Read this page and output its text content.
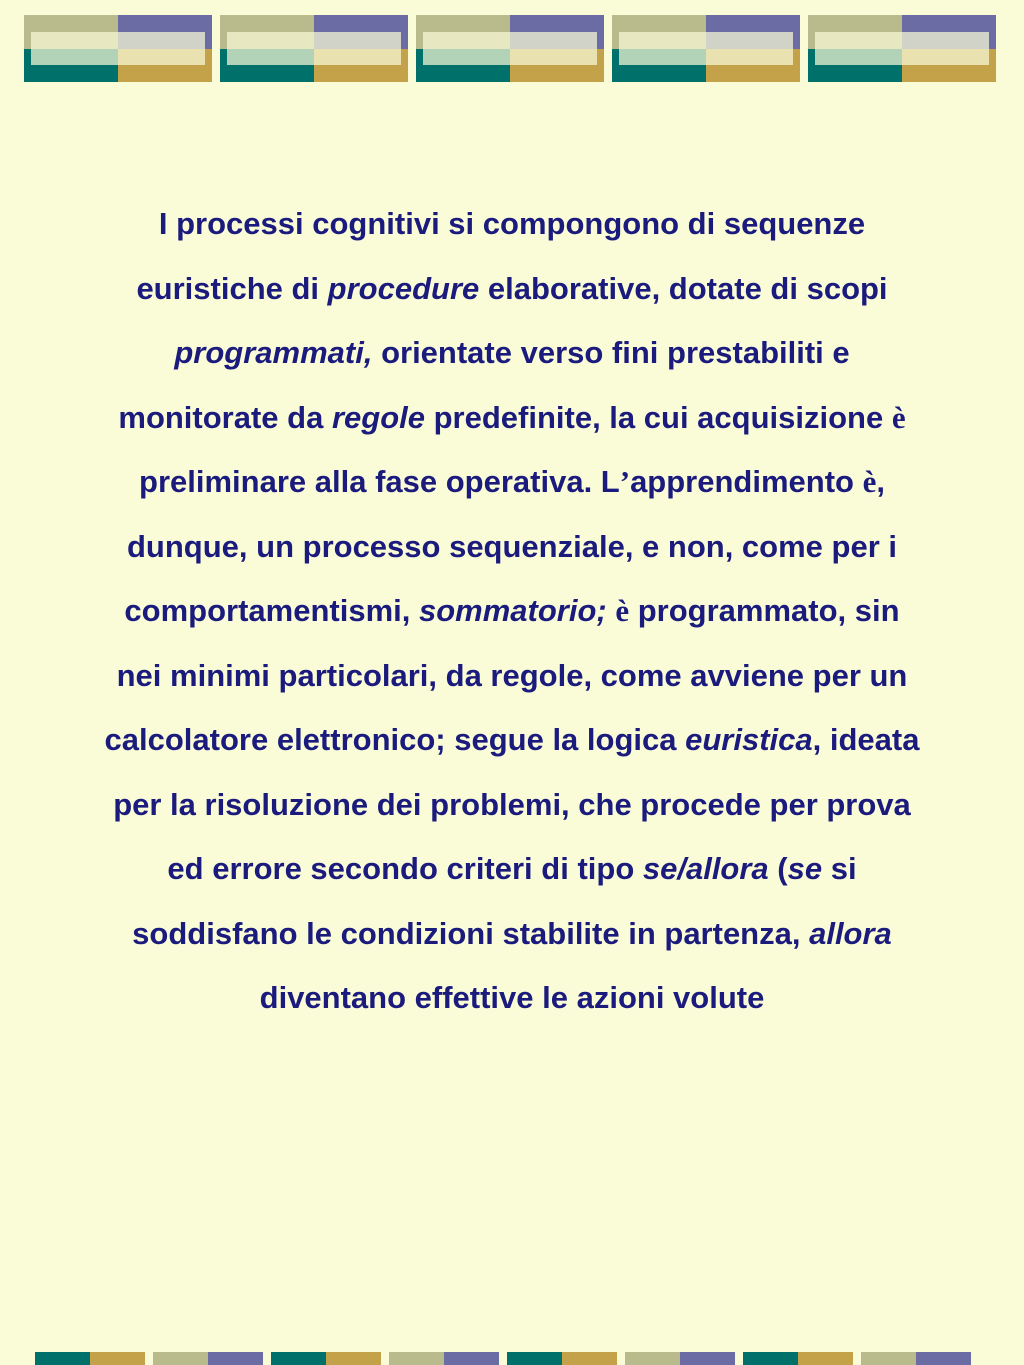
I processi cognitivi si compongono di sequenze
euristiche di procedure elaborative, dotate di scopi
programmati, orientate verso fini prestabiliti e
monitorate da regole predefinite, la cui acquisizione è
preliminare alla fase operativa. L’apprendimento è,
dunque, un processo sequenziale, e non, come per i
comportamentismi, sommatorio; è programmato, sin
nei minimi particolari, da regole, come avviene per un
calcolatore elettronico; segue la logica euristica, ideata
per la risoluzione dei problemi, che procede per prova
ed errore secondo criteri di tipo se/allora (se si
soddisfano le condizioni stabilite in partenza, allora
diventano effettive le azioni volute
